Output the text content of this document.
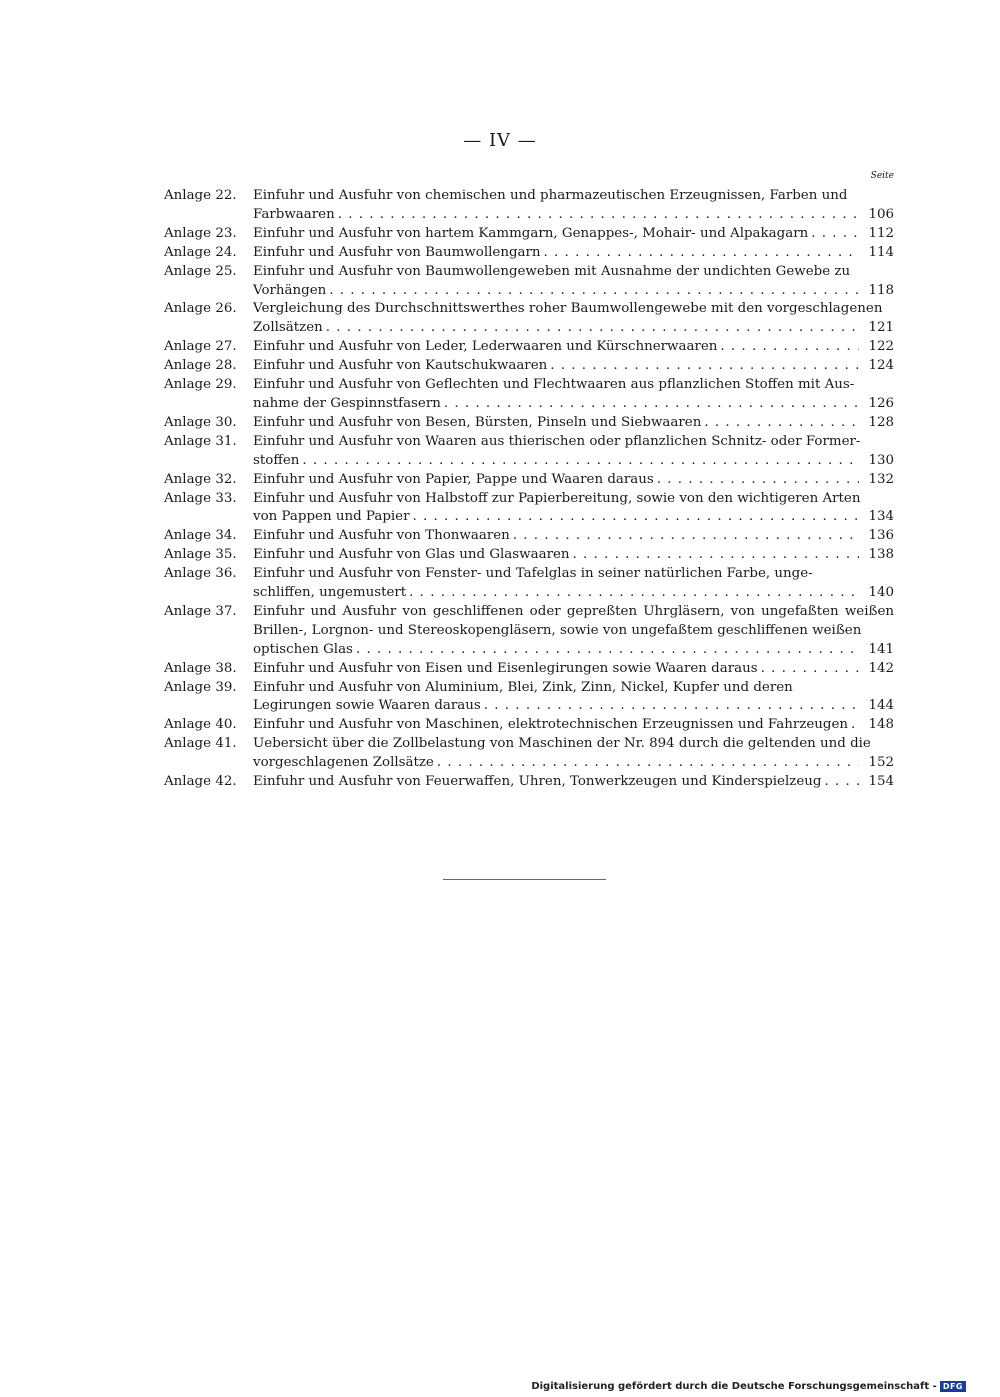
— IV —
Seite
Anlage 22.	Einfuhr und Ausfuhr von chemischen und pharmazeutischen Erzeugnissen, Farben und
Farbwaaren . . .	106
Anlage 23.	Einfuhr und Ausfuhr von hartem Kammgarn, Genappes-, Mohair- und Alpakagarn . . .	112
Anlage 24.	Einfuhr und Ausfuhr von Baumwollengarn . . .	114
Anlage 25.	Einfuhr und Ausfuhr von Baumwollengeweben mit Ausnahme der undichten Gewebe zu
Vorhängen . . .	118
Anlage 26.	Vergleichung des Durchschnittswerthes roher Baumwollengewebe mit den vorgeschlagenen
Zollsätzen . . .	121
Anlage 27.	Einfuhr und Ausfuhr von Leder, Lederwaaren und Kürschnerwaaren . . .	122
Anlage 28.	Einfuhr und Ausfuhr von Kautschukwaaren . . .	124
Anlage 29.	Einfuhr und Ausfuhr von Geflechten und Flechtwaaren aus pflanzlichen Stoffen mit Aus-
nahme der Gespinnstfasern . . .	126
Anlage 30.	Einfuhr und Ausfuhr von Besen, Bürsten, Pinseln und Siebwaaren . . .	128
Anlage 31.	Einfuhr und Ausfuhr von Waaren aus thierischen oder pflanzlichen Schnitz- oder Former-
stoffen . . .	130
Anlage 32.	Einfuhr und Ausfuhr von Papier, Pappe und Waaren daraus . . .	132
Anlage 33.	Einfuhr und Ausfuhr von Halbstoff zur Papierbereitung, sowie von den wichtigeren Arten
von Pappen und Papier . . .	134
Anlage 34.	Einfuhr und Ausfuhr von Thonwaaren . . .	136
Anlage 35.	Einfuhr und Ausfuhr von Glas und Glaswaaren . . .	138
Anlage 36.	Einfuhr und Ausfuhr von Fenster- und Tafelglas in seiner natürlichen Farbe, unge-
schliffen, ungemustert . . .	140
Anlage 37.	Einfuhr und Ausfuhr von geschliffenen oder gepreßten Uhrgläsern, von ungefaßten weißen Brillen-, Lorgnon- und Stereoskopengläsern, sowie von ungefaßtem geschliffenen weißen
optischen Glas . . .	141
Anlage 38.	Einfuhr und Ausfuhr von Eisen und Eisenlegirungen sowie Waaren daraus . . .	142
Anlage 39.	Einfuhr und Ausfuhr von Aluminium, Blei, Zink, Zinn, Nickel, Kupfer und deren
Legirungen sowie Waaren daraus . . .	144
Anlage 40.	Einfuhr und Ausfuhr von Maschinen, elektrotechnischen Erzeugnissen und Fahrzeugen . . .	148
Anlage 41.	Uebersicht über die Zollbelastung von Maschinen der Nr. 894 durch die geltenden und die
vorgeschlagenen Zollsätze . . .	152
Anlage 42.	Einfuhr und Ausfuhr von Feuerwaffen, Uhren, Tonwerkzeugen und Kinderspielzeug . . .	154
Digitalisierung gefördert durch die Deutsche Forschungsgemeinschaft - DFG
